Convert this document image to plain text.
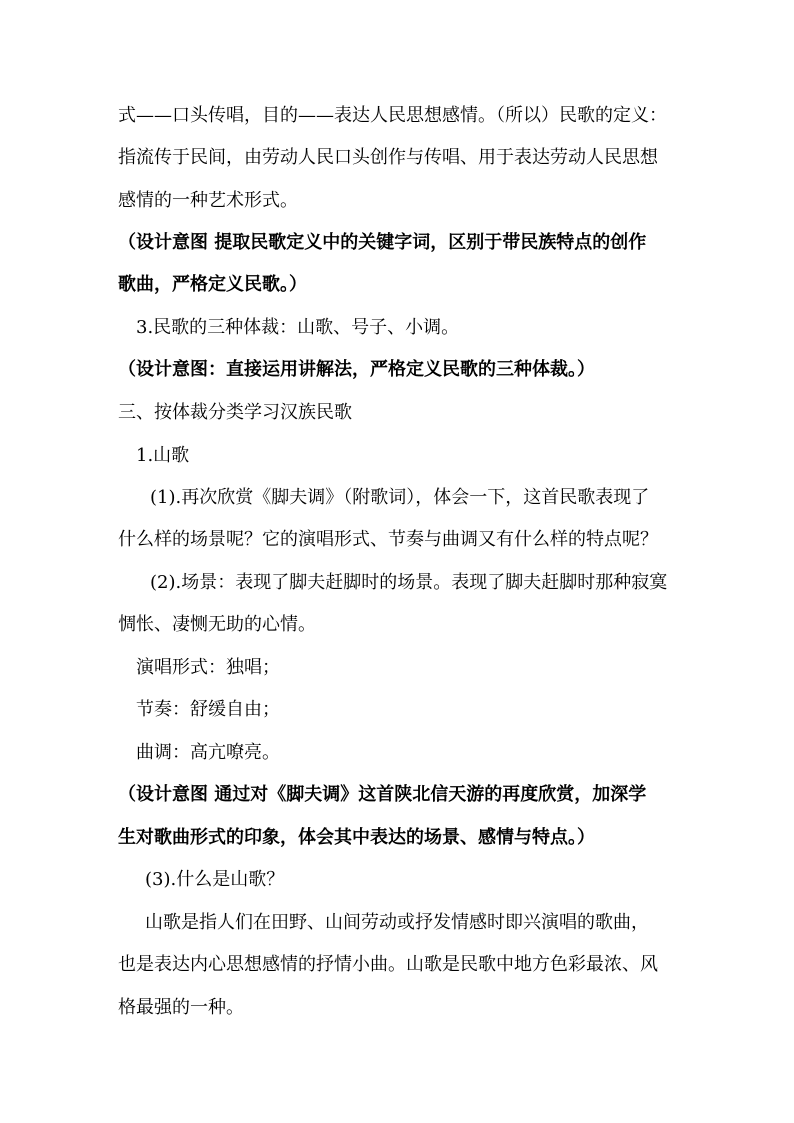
式——口头传唱，目的——表达人民思想感情。（所以）民歌的定义：
指流传于民间，由劳动人民口头创作与传唱、用于表达劳动人民思想
感情的一种艺术形式。
（设计意图 提取民歌定义中的关键字词，区别于带民族特点的创作
歌曲，严格定义民歌。）
3.民歌的三种体裁：山歌、号子、小调。
（设计意图：直接运用讲解法，严格定义民歌的三种体裁。）
三、按体裁分类学习汉族民歌
1.山歌
(1).再次欣赏《脚夫调》（附歌词），体会一下，这首民歌表现了
什么样的场景呢？它的演唱形式、节奏与曲调又有什么样的特点呢？
(2).场景：表现了脚夫赶脚时的场景。表现了脚夫赶脚时那种寂寞
惆怅、凄恻无助的心情。
演唱形式：独唱；
节奏：舒缓自由；
曲调：高亢嘹亮。
（设计意图 通过对《脚夫调》这首陕北信天游的再度欣赏，加深学
生对歌曲形式的印象，体会其中表达的场景、感情与特点。）
(3).什么是山歌？
山歌是指人们在田野、山间劳动或抒发情感时即兴演唱的歌曲，
也是表达内心思想感情的抒情小曲。山歌是民歌中地方色彩最浓、风
格最强的一种。
